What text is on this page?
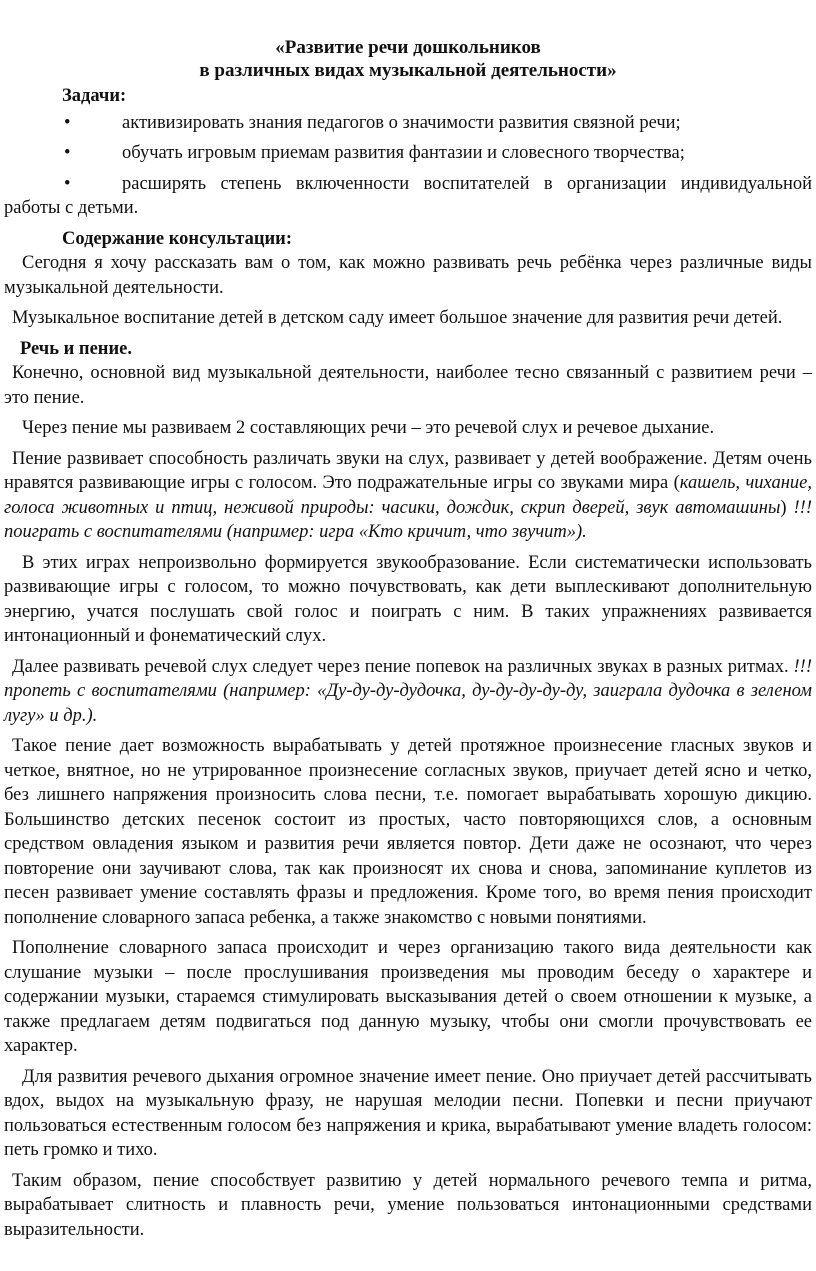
«Развитие речи дошкольников
в различных видах музыкальной деятельности»

Задачи:

•	активизировать знания педагогов о значимости развития связной речи;
•	обучать игровым приемам развития фантазии и словесного творчества;
•	расширять степень включенности воспитателей в организации индивидуальной работы с детьми.

Содержание консультации:

Сегодня я хочу рассказать вам о том, как можно развивать речь ребёнка через различные виды музыкальной деятельности.

Музыкальное воспитание детей в детском саду имеет большое значение для развития речи детей.

Речь и пение.

Конечно, основной вид музыкальной деятельности, наиболее тесно связанный с развитием речи – это пение.

Через пение мы развиваем 2 составляющих речи – это речевой слух и речевое дыхание.

Пение развивает способность различать звуки на слух, развивает у детей воображение. Детям очень нравятся развивающие игры с голосом. Это подражательные игры со звуками мира (кашель, чихание, голоса животных и птиц, неживой природы: часики, дождик, скрип дверей, звук автомашины) !!! поиграть с воспитателями (например: игра «Кто кричит, что звучит»).

В этих играх непроизвольно формируется звукообразование. Если систематически использовать развивающие игры с голосом, то можно почувствовать, как дети выплескивают дополнительную энергию, учатся послушать свой голос и поиграть с ним. В таких упражнениях развивается интонационный и фонематический слух.

Далее развивать речевой слух следует через пение попевок на различных звуках в разных ритмах. !!! пропеть с воспитателями (например: «Ду-ду-ду-дудочка, ду-ду-ду-ду-ду, заиграла дудочка в зеленом лугу» и др.).

Такое пение дает возможность вырабатывать у детей протяжное произнесение гласных звуков и четкое, внятное, но не утрированное произнесение согласных звуков, приучает детей ясно и четко, без лишнего напряжения произносить слова песни, т.е. помогает вырабатывать хорошую дикцию. Большинство детских песенок состоит из простых, часто повторяющихся слов, а основным средством овладения языком и развития речи является повтор. Дети даже не осознают, что через повторение они заучивают слова, так как произносят их снова и снова, запоминание куплетов из песен развивает умение составлять фразы и предложения. Кроме того, во время пения происходит пополнение словарного запаса ребенка, а также знакомство с новыми понятиями.

Пополнение словарного запаса происходит и через организацию такого вида деятельности как слушание музыки – после прослушивания произведения мы проводим беседу о характере и содержании музыки, стараемся стимулировать высказывания детей о своем отношении к музыке, а также предлагаем детям подвигаться под данную музыку, чтобы они смогли прочувствовать ее характер.

Для развития речевого дыхания огромное значение имеет пение. Оно приучает детей рассчитывать вдох, выдох на музыкальную фразу, не нарушая мелодии песни. Попевки и песни приучают пользоваться естественным голосом без напряжения и крика, вырабатывают умение владеть голосом: петь громко и тихо.

Таким образом, пение способствует развитию у детей нормального речевого темпа и ритма, вырабатывает слитность и плавность речи, умение пользоваться интонационными средствами выразительности.
